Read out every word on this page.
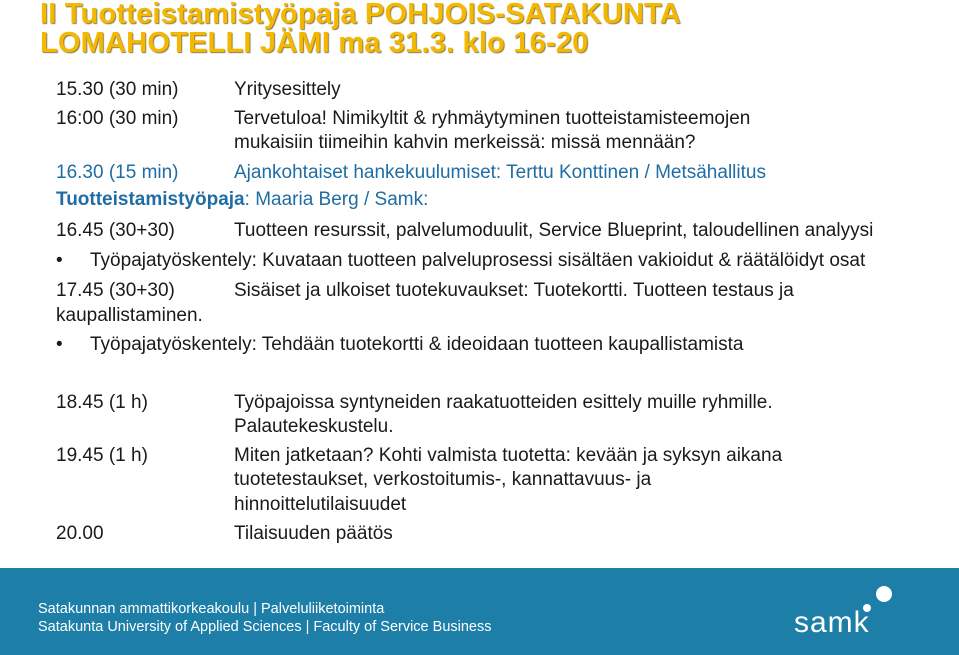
II Tuotteistamistyöpaja POHJOIS-SATAKUNTA
LOMAHOTELLI JÄMI ma 31.3. klo 16-20
15.30 (30 min)	Yritysesittely
16:00 (30 min)	Tervetuloa! Nimikyltit & ryhmäytyminen tuotteistamisteemojen
mukaisiin tiimeihin kahvin merkeissä: missä mennään?
16.30 (15 min)	Ajankohtaiset hankekuulumiset: Terttu Konttinen / Metsähallitus
Tuotteistamistyöpaja: Maaria Berg / Samk:
16.45 (30+30)	Tuotteen resurssit, palvelumoduulit, Service Blueprint, taloudellinen analyysi
• Työpajatyöskentely: Kuvataan tuotteen palveluprosessi sisältäen vakioidut & räätälöidyt osat
17.45 (30+30)	Sisäiset ja ulkoiset tuotekuvaukset: Tuotekortti. Tuotteen testaus ja
kaupallistaminen.
• Työpajatyöskentely: Tehdään tuotekortti & ideoidaan tuotteen kaupallistamista
18.45 (1 h)	Työpajoissa syntyneiden raakatuotteiden esittely muille ryhmille.
Palautekeskustelu.
19.45 (1 h)	Miten jatketaan? Kohti valmista tuotetta: kevään ja syksyn aikana
tuotetestaukset, verkostoitumis-, kannattavuus- ja
hinnoittelutilaisuudet
20.00	Tilaisuuden päätös
Satakunnan ammattikorkeakoulu | Palveluliiketoiminta
Satakunta University of Applied Sciences | Faculty of Service Business	samk
